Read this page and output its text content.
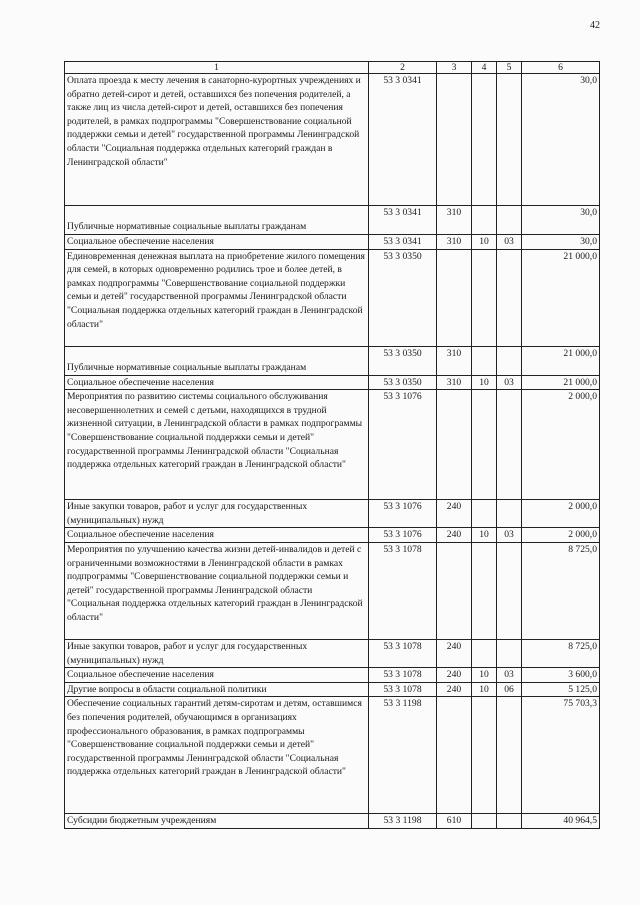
42
1	2	3	4	5	6
Оплата проезда к месту лечения в санаторно-курортных учреждениях и обратно детей-сирот и детей, оставшихся без попечения родителей, а также лиц из числа детей-сирот и детей, оставшихся без попечения родителей, в рамках подпрограммы "Совершенствование социальной поддержки семьи и детей" государственной программы Ленинградской области "Социальная поддержка отдельных категорий граждан в Ленинградской области"	53 3 0341				30,0
Публичные нормативные социальные выплаты гражданам	53 3 0341	310			30,0
Социальное обеспечение населения	53 3 0341	310	10	03	30,0
Единовременная денежная выплата на приобретение жилого помещения для семей, в которых одновременно родились трое и более детей, в рамках подпрограммы "Совершенствование социальной поддержки семьи и детей" государственной программы Ленинградской области "Социальная поддержка отдельных категорий граждан в Ленинградской области"	53 3 0350				21 000,0
Публичные нормативные социальные выплаты гражданам	53 3 0350	310			21 000,0
Социальное обеспечение населения	53 3 0350	310	10	03	21 000,0
Мероприятия по развитию системы социального обслуживания несовершеннолетних и семей с детьми, находящихся в трудной жизненной ситуации, в Ленинградской области в рамках подпрограммы "Совершенствование социальной поддержки семьи и детей" государственной программы Ленинградской области "Социальная поддержка отдельных категорий граждан в Ленинградской области"	53 3 1076				2 000,0
Иные закупки товаров, работ и услуг для государственных (муниципальных) нужд	53 3 1076	240			2 000,0
Социальное обеспечение населения	53 3 1076	240	10	03	2 000,0
Мероприятия по улучшению качества жизни детей-инвалидов и детей с ограниченными возможностями в Ленинградской области в рамках подпрограммы "Совершенствование социальной поддержки семьи и детей" государственной программы Ленинградской области "Социальная поддержка отдельных категорий граждан в Ленинградской области"	53 3 1078				8 725,0
Иные закупки товаров, работ и услуг для государственных (муниципальных) нужд	53 3 1078	240			8 725,0
Социальное обеспечение населения	53 3 1078	240	10	03	3 600,0
Другие вопросы в области социальной политики	53 3 1078	240	10	06	5 125,0
Обеспечение социальных гарантий детям-сиротам и детям, оставшимся без попечения родителей, обучающимся в организациях профессионального образования, в рамках подпрограммы "Совершенствование социальной поддержки семьи и детей" государственной программы Ленинградской области "Социальная поддержка отдельных категорий граждан в Ленинградской области"	53 3 1198				75 703,3
Субсидии бюджетным учреждениям	53 3 1198	610			40 964,5
